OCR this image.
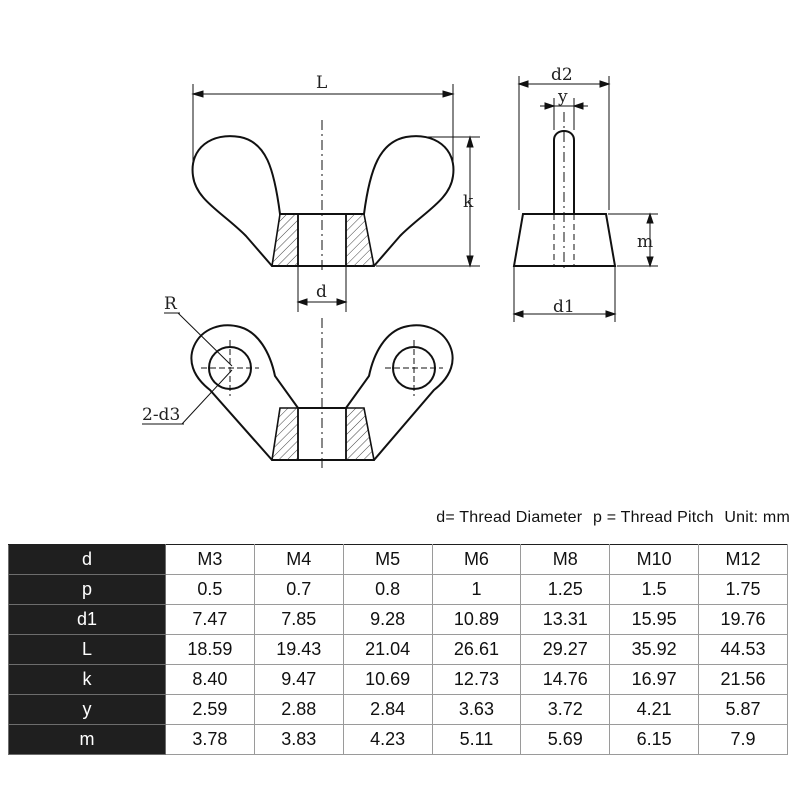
L
k
d
d2
y
m
d1
R
2-d3
d= Thread Diameter p = Thread Pitch Unit: mm
d	M3	M4	M5	M6	M8	M10	M12
p	0.5	0.7	0.8	1	1.25	1.5	1.75
d1	7.47	7.85	9.28	10.89	13.31	15.95	19.76
L	18.59	19.43	21.04	26.61	29.27	35.92	44.53
k	8.40	9.47	10.69	12.73	14.76	16.97	21.56
y	2.59	2.88	2.84	3.63	3.72	4.21	5.87
m	3.78	3.83	4.23	5.11	5.69	6.15	7.9
